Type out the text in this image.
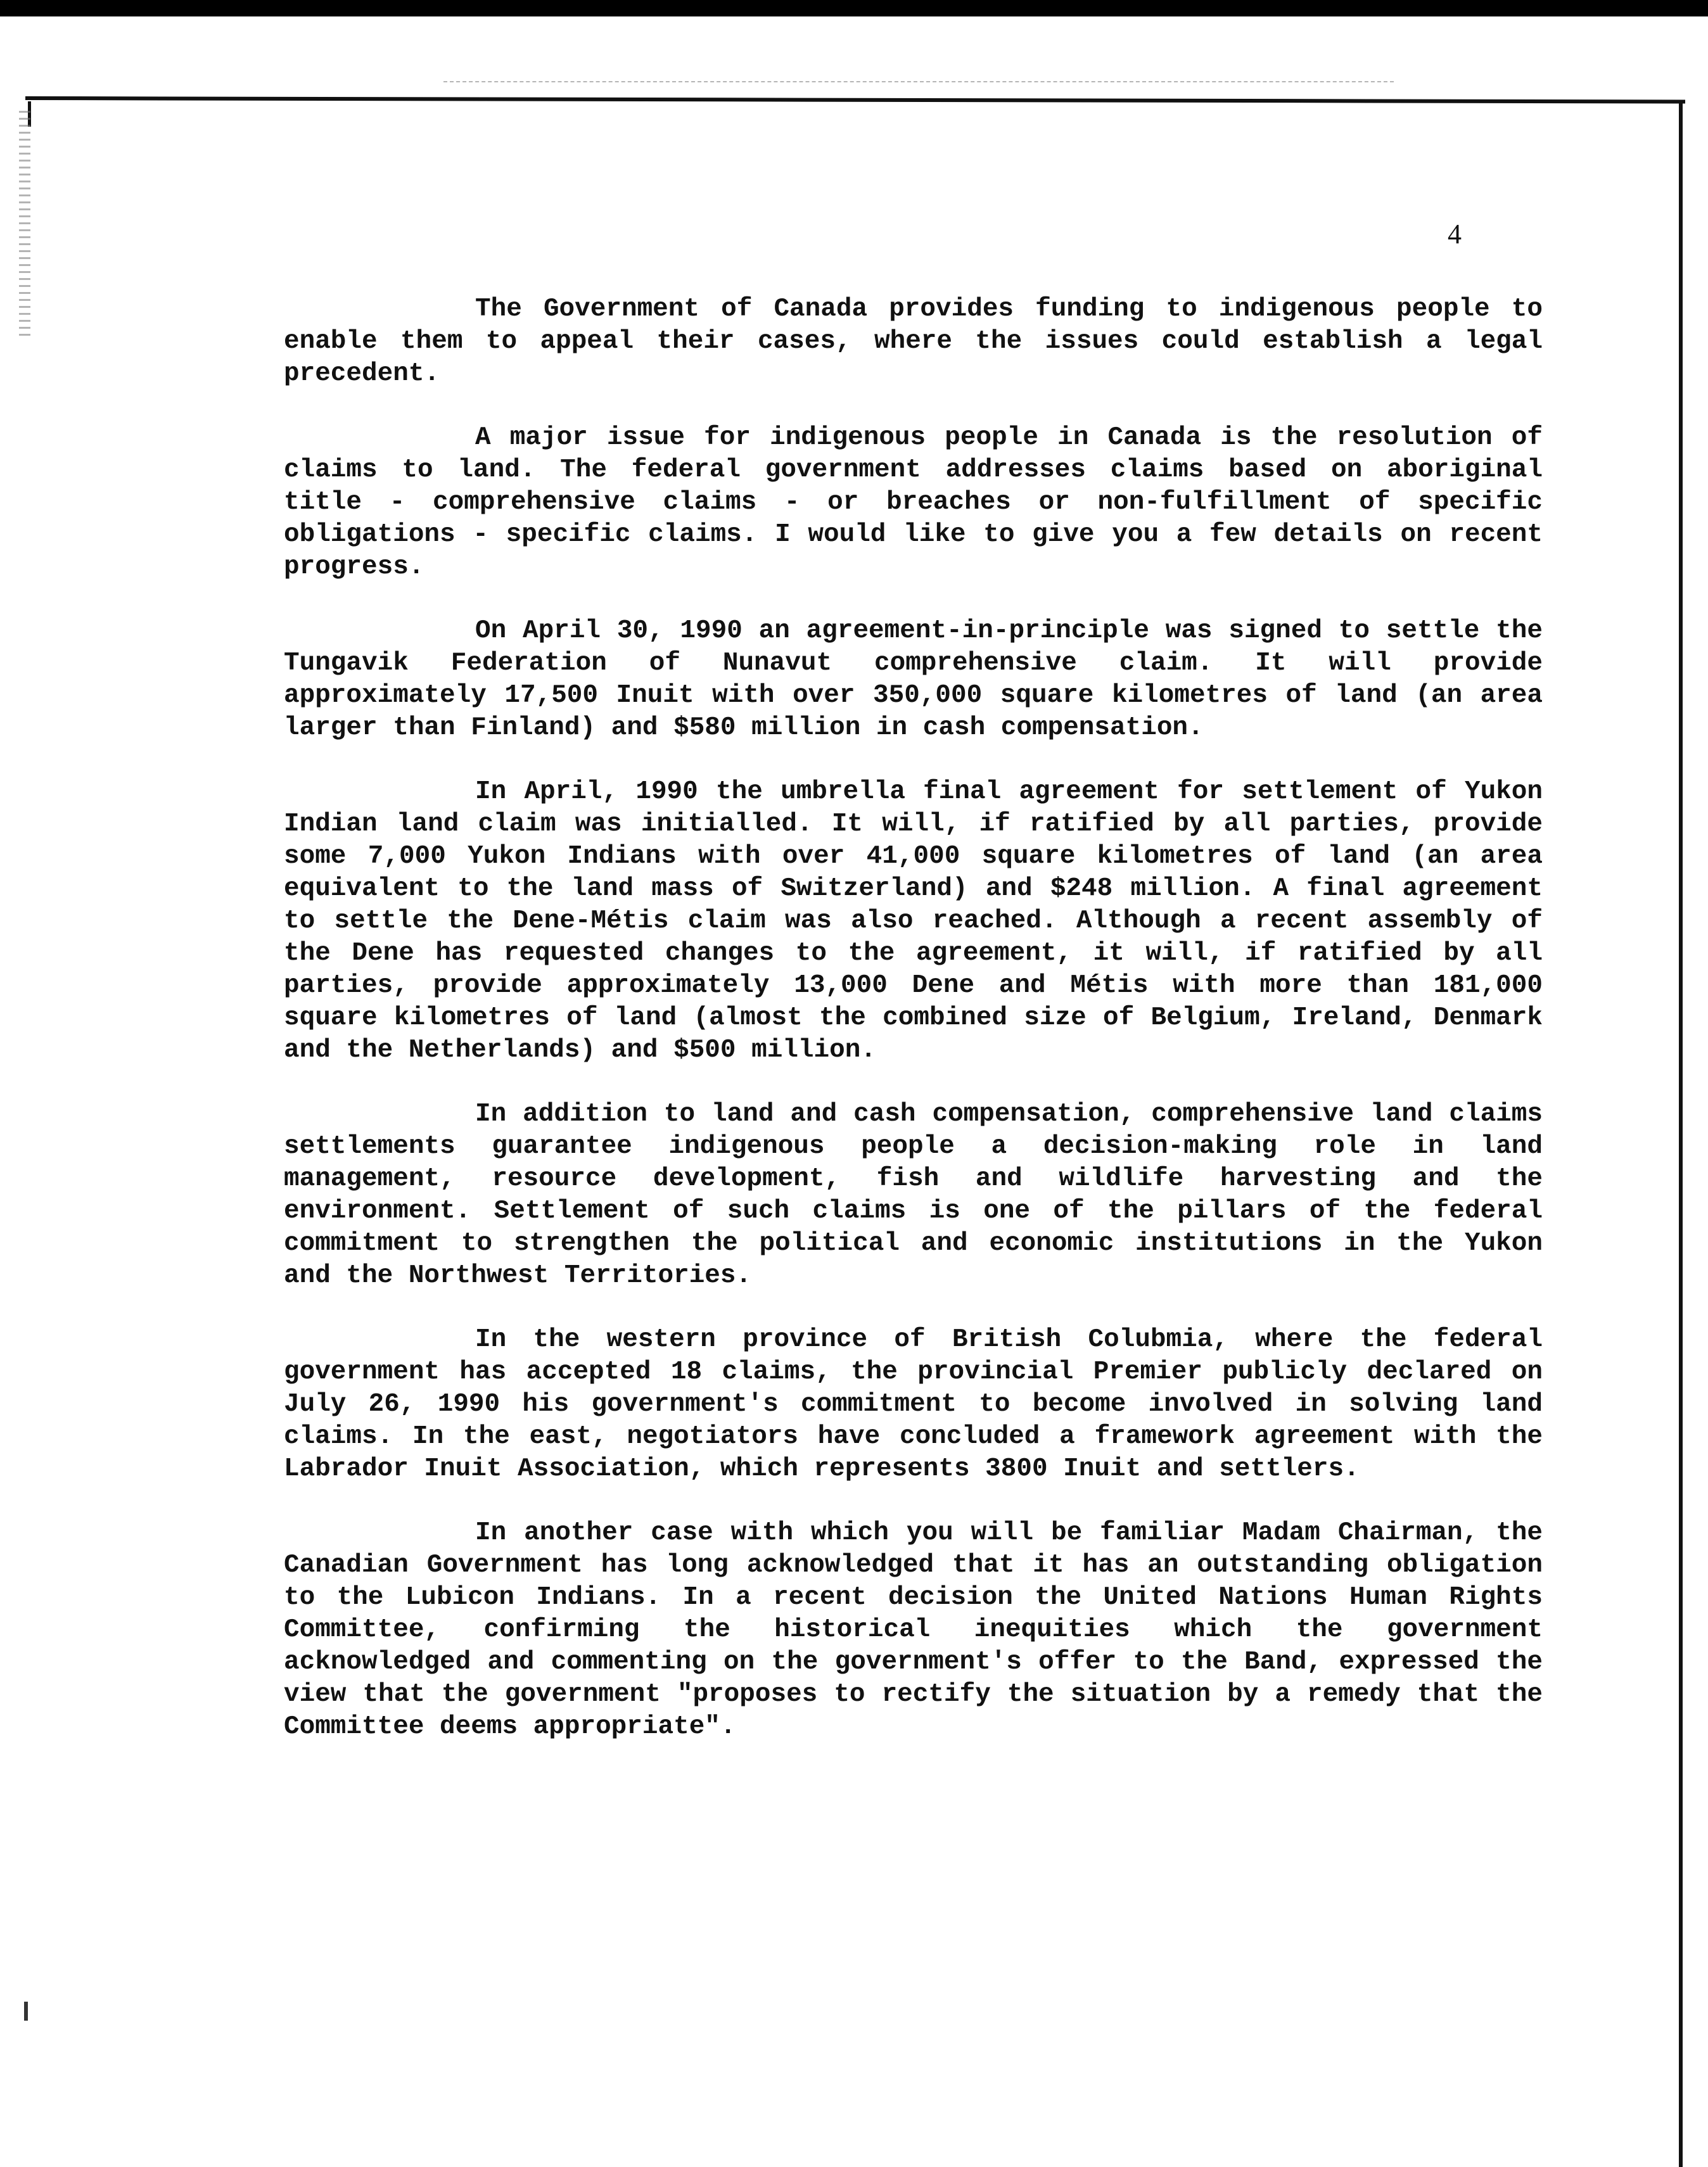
4

The Government of Canada provides funding to indigenous people to enable them to appeal their cases, where the issues could establish a legal precedent.

A major issue for indigenous people in Canada is the resolution of claims to land. The federal government addresses claims based on aboriginal title - comprehensive claims - or breaches or non-fulfillment of specific obligations - specific claims. I would like to give you a few details on recent progress.

On April 30, 1990 an agreement-in-principle was signed to settle the Tungavik Federation of Nunavut comprehensive claim. It will provide approximately 17,500 Inuit with over 350,000 square kilometres of land (an area larger than Finland) and $580 million in cash compensation.

In April, 1990 the umbrella final agreement for settlement of Yukon Indian land claim was initialled. It will, if ratified by all parties, provide some 7,000 Yukon Indians with over 41,000 square kilometres of land (an area equivalent to the land mass of Switzerland) and $248 million. A final agreement to settle the Dene-Métis claim was also reached. Although a recent assembly of the Dene has requested changes to the agreement, it will, if ratified by all parties, provide approximately 13,000 Dene and Métis with more than 181,000 square kilometres of land (almost the combined size of Belgium, Ireland, Denmark and the Netherlands) and $500 million.

In addition to land and cash compensation, comprehensive land claims settlements guarantee indigenous people a decision-making role in land management, resource development, fish and wildlife harvesting and the environment. Settlement of such claims is one of the pillars of the federal commitment to strengthen the political and economic institutions in the Yukon and the Northwest Territories.

In the western province of British Colubmia, where the federal government has accepted 18 claims, the provincial Premier publicly declared on July 26, 1990 his government's commitment to become involved in solving land claims. In the east, negotiators have concluded a framework agreement with the Labrador Inuit Association, which represents 3800 Inuit and settlers.

In another case with which you will be familiar Madam Chairman, the Canadian Government has long acknowledged that it has an outstanding obligation to the Lubicon Indians. In a recent decision the United Nations Human Rights Committee, confirming the historical inequities which the government acknowledged and commenting on the government's offer to the Band, expressed the view that the government "proposes to rectify the situation by a remedy that the Committee deems appropriate".
